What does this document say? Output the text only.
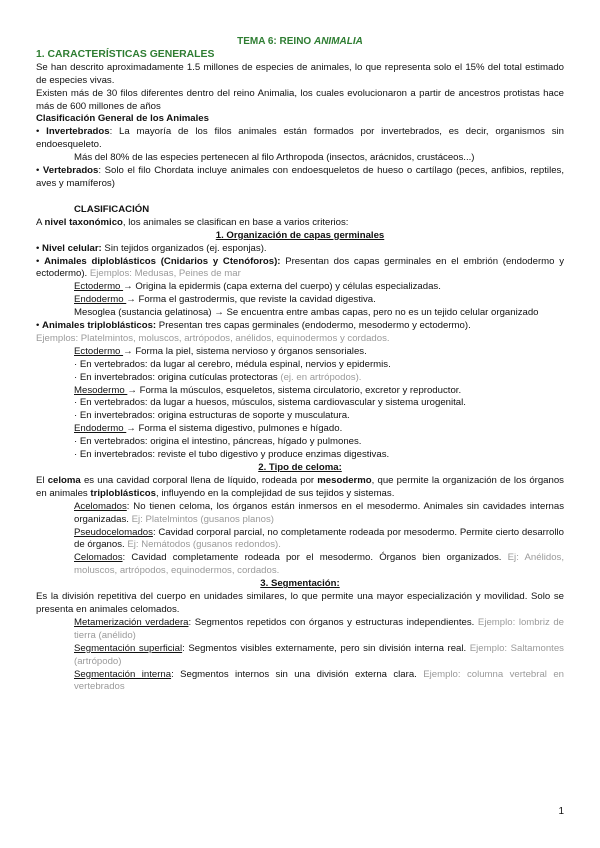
TEMA 6: REINO ANIMALIA

1. CARACTERÍSTICAS GENERALES

Se han descrito aproximadamente 1.5 millones de especies de animales, lo que representa solo el 15% del total estimado de especies vivas.

Existen más de 30 filos diferentes dentro del reino Animalia, los cuales evolucionaron a partir de ancestros protistas hace más de 600 millones de años

Clasificación General de los Animales

• Invertebrados: La mayoría de los filos animales están formados por invertebrados, es decir, organismos sin endoesqueleto.

Más del 80% de las especies pertenecen al filo Arthropoda (insectos, arácnidos, crustáceos...)

• Vertebrados: Solo el filo Chordata incluye animales con endoesqueletos de hueso o cartílago (peces, anfibios, reptiles, aves y mamíferos)

CLASIFICACIÓN

A nivel taxonómico, los animales se clasifican en base a varios criterios:

1. Organización de capas germinales

• Nivel celular: Sin tejidos organizados (ej. esponjas).

• Animales diploblásticos (Cnidarios y Ctenóforos): Presentan dos capas germinales en el embrión (endodermo y ectodermo). Ejemplos: Medusas, Peines de mar

Ectodermo → Origina la epidermis (capa externa del cuerpo) y células especializadas.

Endodermo → Forma el gastrodermis, que reviste la cavidad digestiva.

Mesoglea (sustancia gelatinosa) → Se encuentra entre ambas capas, pero no es un tejido celular organizado

• Animales triploblásticos: Presentan tres capas germinales (endodermo, mesodermo y ectodermo).

Ejemplos: Platelmintos, moluscos, artrópodos, anélidos, equinodermos y cordados.

Ectodermo → Forma la piel, sistema nervioso y órganos sensoriales.

· En vertebrados: da lugar al cerebro, médula espinal, nervios y epidermis.

· En invertebrados: origina cutículas protectoras (ej. en artrópodos).

Mesodermo → Forma la músculos, esqueletos, sistema circulatorio, excretor y reproductor.

· En vertebrados: da lugar a huesos, músculos, sistema cardiovascular y sistema urogenital.

· En invertebrados: origina estructuras de soporte y musculatura.

Endodermo → Forma el sistema digestivo, pulmones e hígado.

· En vertebrados: origina el intestino, páncreas, hígado y pulmones.

· En invertebrados: reviste el tubo digestivo y produce enzimas digestivas.

2. Tipo de celoma:

El celoma es una cavidad corporal llena de líquido, rodeada por mesodermo, que permite la organización de los órganos en animales triploblásticos, influyendo en la complejidad de sus tejidos y sistemas.

Acelomados: No tienen celoma, los órganos están inmersos en el mesodermo. Animales sin cavidades internas organizadas. Ej: Platelmintos (gusanos planos)

Pseudocelomados: Cavidad corporal parcial, no completamente rodeada por mesodermo. Permite cierto desarrollo de órganos. Ej: Nemátodos (gusanos redondos).

Celomados: Cavidad completamente rodeada por el mesodermo. Órganos bien organizados. Ej: Anélidos, moluscos, artrópodos, equinodermos, cordados.

3. Segmentación:

Es la división repetitiva del cuerpo en unidades similares, lo que permite una mayor especialización y movilidad. Solo se presenta en animales celomados.

Metamerización verdadera: Segmentos repetidos con órganos y estructuras independientes. Ejemplo: lombriz de tierra (anélido)

Segmentación superficial: Segmentos visibles externamente, pero sin división interna real. Ejemplo: Saltamontes (artrópodo)

Segmentación interna: Segmentos internos sin una división externa clara. Ejemplo: columna vertebral en vertebrados

1
